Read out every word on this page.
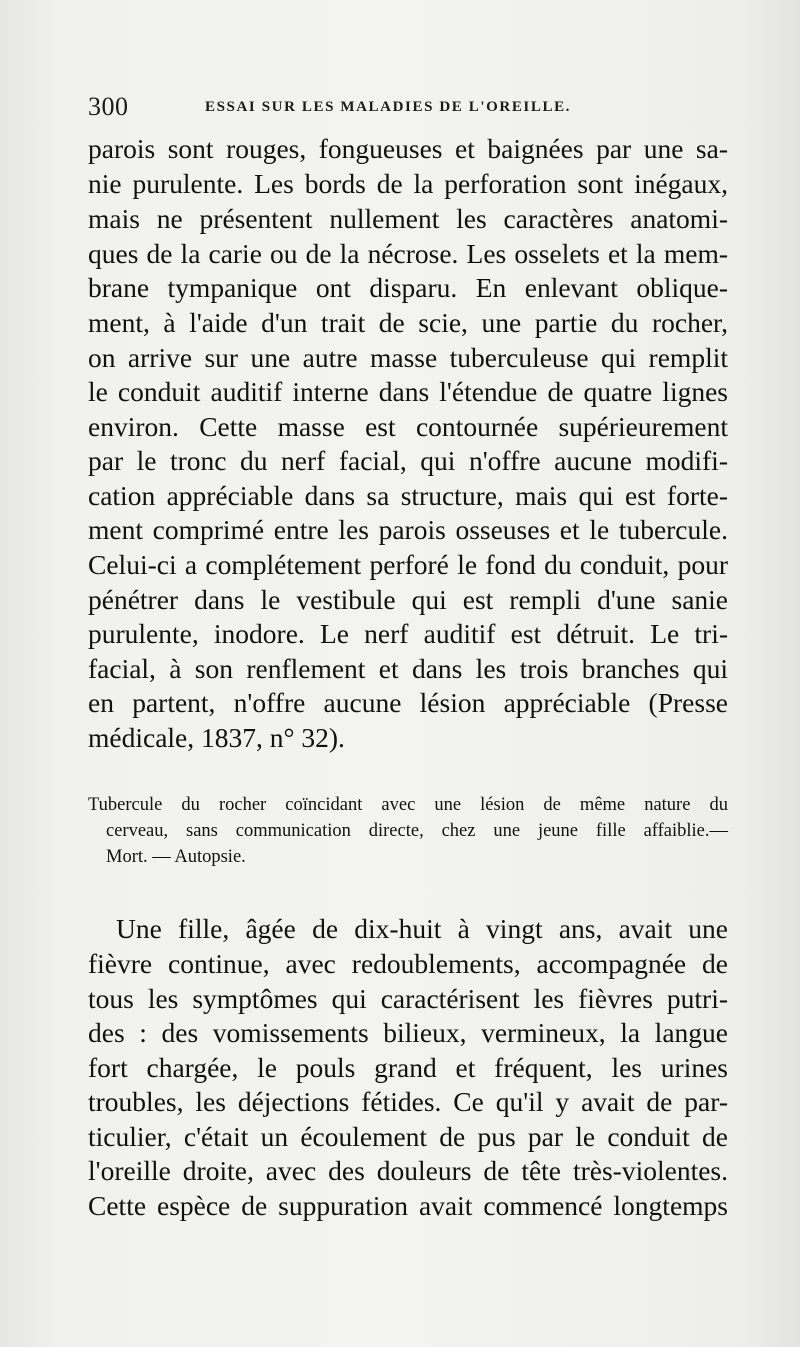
300	ESSAI SUR LES MALADIES DE L'OREILLE.

parois sont rouges, fongueuses et baignées par une sa-

nie purulente. Les bords de la perforation sont inégaux,

mais ne présentent nullement les caractères anatomi-

ques de la carie ou de la nécrose. Les osselets et la mem-

brane tympanique ont disparu. En enlevant oblique-

ment, à l'aide d'un trait de scie, une partie du rocher,

on arrive sur une autre masse tuberculeuse qui remplit

le conduit auditif interne dans l'étendue de quatre lignes

environ. Cette masse est contournée supérieurement

par le tronc du nerf facial, qui n'offre aucune modifi-

cation appréciable dans sa structure, mais qui est forte-

ment comprimé entre les parois osseuses et le tubercule.

Celui-ci a complétement perforé le fond du conduit, pour

pénétrer dans le vestibule qui est rempli d'une sanie

purulente, inodore. Le nerf auditif est détruit. Le tri-

facial, à son renflement et dans les trois branches qui

en partent, n'offre aucune lésion appréciable (Presse

médicale, 1837, n° 32).

Tubercule du rocher coïncidant avec une lésion de même nature du

cerveau, sans communication directe, chez une jeune fille affaiblie.—

Mort. — Autopsie.

Une fille, âgée de dix-huit à vingt ans, avait une

fièvre continue, avec redoublements, accompagnée de

tous les symptômes qui caractérisent les fièvres putri-

des : des vomissements bilieux, vermineux, la langue

fort chargée, le pouls grand et fréquent, les urines

troubles, les déjections fétides. Ce qu'il y avait de par-

ticulier, c'était un écoulement de pus par le conduit de

l'oreille droite, avec des douleurs de tête très-violentes.

Cette espèce de suppuration avait commencé longtemps
